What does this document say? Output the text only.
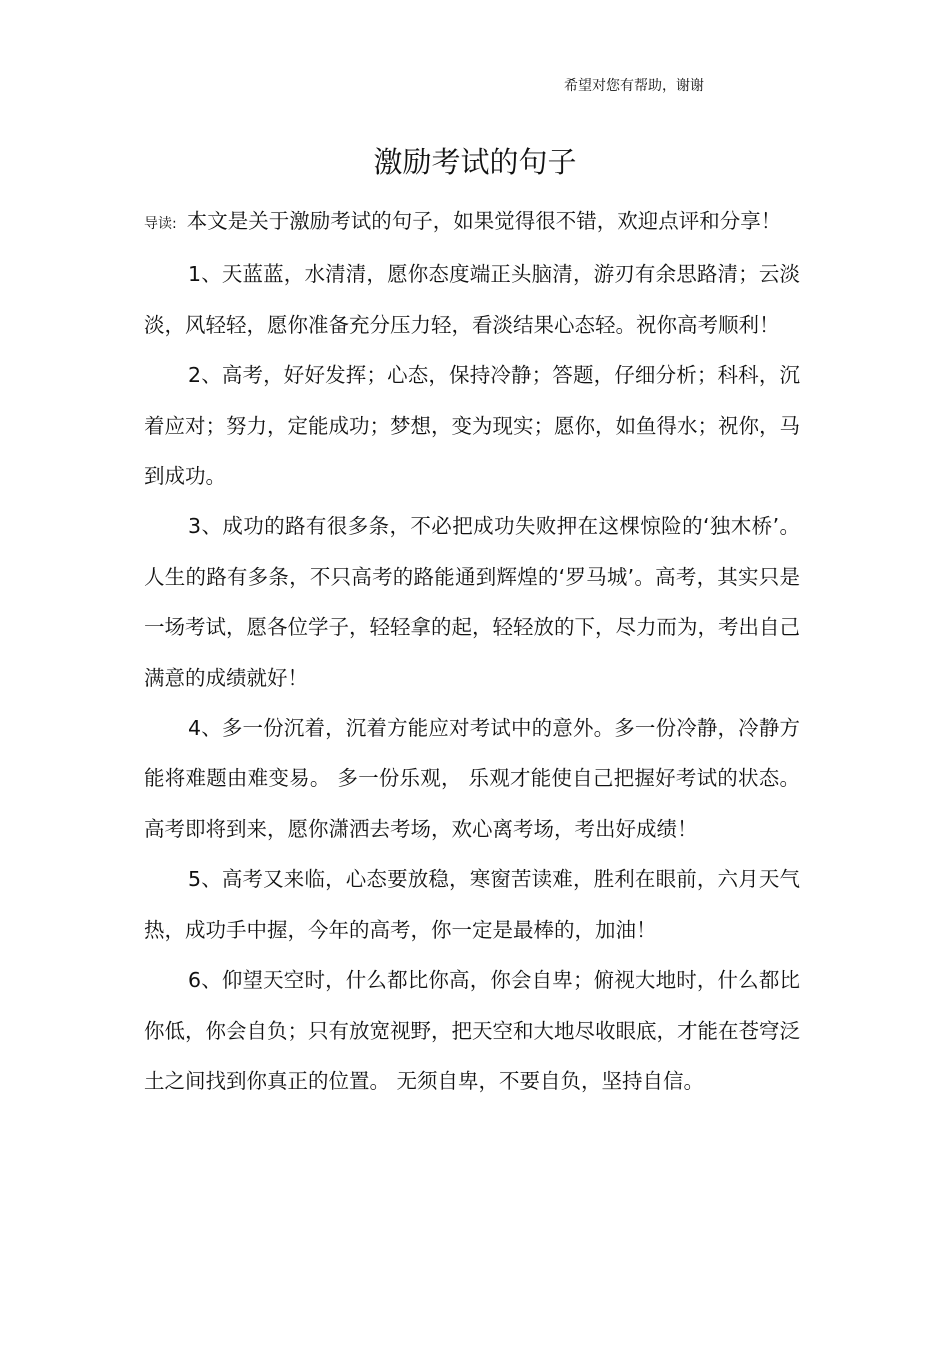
希望对您有帮助，谢谢
激励考试的句子

导读: 本文是关于激励考试的句子，如果觉得很不错，欢迎点评和分享！

1、天蓝蓝，水清清，愿你态度端正头脑清，游刃有余思路清；云淡淡，风轻轻，愿你准备充分压力轻，看淡结果心态轻。祝你高考顺利！

2、高考，好好发挥；心态，保持冷静；答题，仔细分析；科科，沉着应对；努力，定能成功；梦想，变为现实；愿你，如鱼得水；祝你，马到成功。

3、成功的路有很多条，不必把成功失败押在这棵惊险的‘独木桥’。人生的路有多条，不只高考的路能通到辉煌的‘罗马城’。高考，其实只是一场考试，愿各位学子，轻轻拿的起，轻轻放的下，尽力而为，考出自己满意的成绩就好！

4、多一份沉着，沉着方能应对考试中的意外。多一份冷静，冷静方能将难题由难变易。 多一份乐观， 乐观才能使自己把握好考试的状态。高考即将到来，愿你潇洒去考场，欢心离考场，考出好成绩！

5、高考又来临，心态要放稳，寒窗苦读难，胜利在眼前，六月天气热，成功手中握，今年的高考，你一定是最棒的，加油！

6、仰望天空时，什么都比你高，你会自卑；俯视大地时，什么都比你低，你会自负；只有放宽视野，把天空和大地尽收眼底，才能在苍穹泛土之间找到你真正的位置。 无须自卑，不要自负，坚持自信。
